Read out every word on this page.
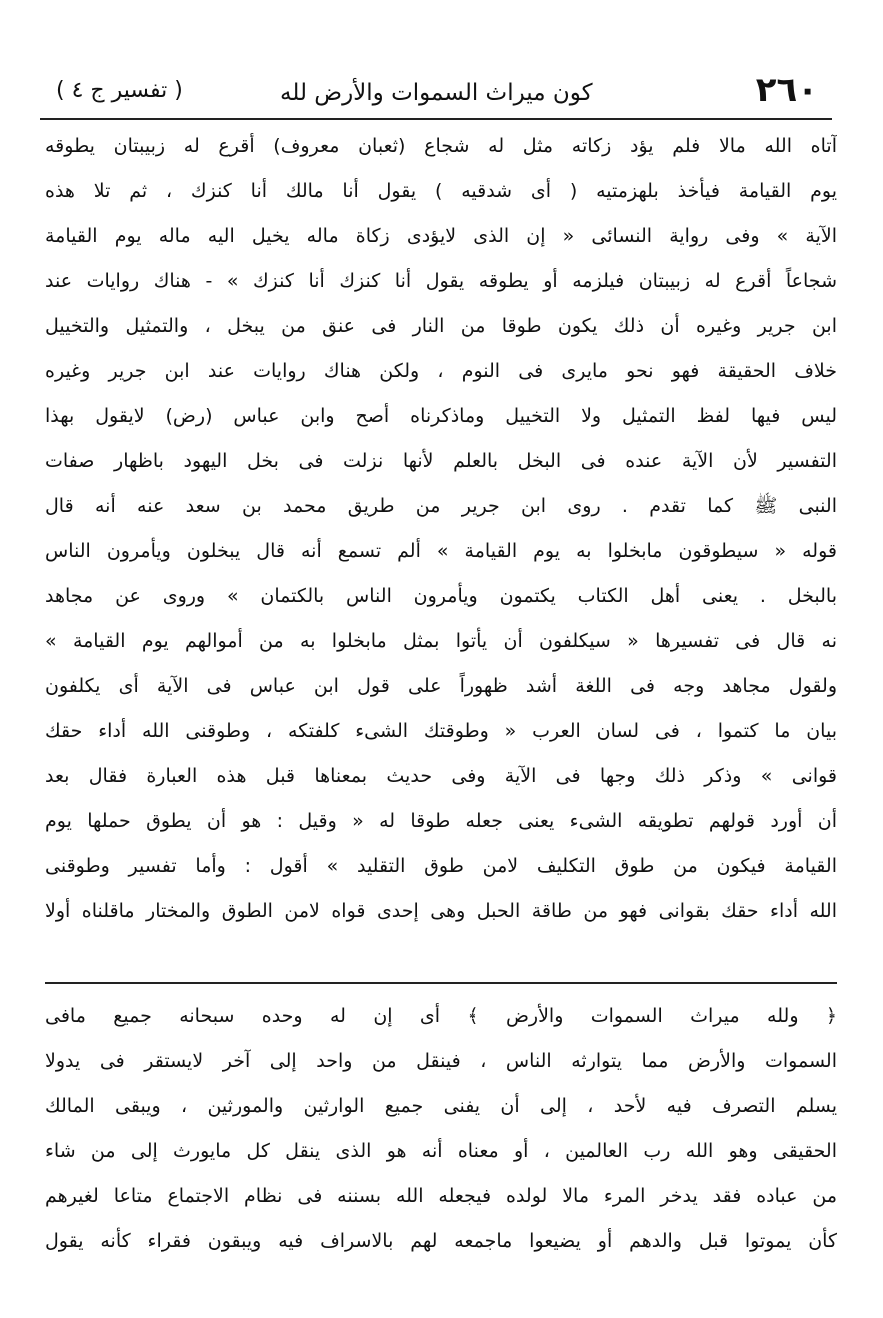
( تفسير ج ٤ )	كون ميراث السموات والأرض لله	٢٦٠
آتاه الله مالا فلم يؤد زكاته مثل له شجاع (ثعبان معروف) أقرع له زبيبتان يطوقه
يوم القيامة فيأخذ بلهزمتيه ( أى شدقيه ) يقول أنا مالك أنا كنزك ، ثم تلا هذه
الآية » وفى رواية النسائى « إن الذى لايؤدى زكاة ماله يخيل اليه ماله يوم القيامة
شجاعاً أقرع له زبيبتان فيلزمه أو يطوقه يقول أنا كنزك أنا كنزك » - هناك روايات عند
ابن جرير وغيره أن ذلك يكون طوقا من النار فى عنق من يبخل ، والتمثيل والتخييل
خلاف الحقيقة فهو نحو مايرى فى النوم ، ولكن هناك روايات عند ابن جرير وغيره
ليس فيها لفظ التمثيل ولا التخييل وماذكرناه أصح وابن عباس (رض) لايقول بهذا
التفسير لأن الآية عنده فى البخل بالعلم لأنها نزلت فى بخل اليهود باظهار صفات
النبى ﷺ كما تقدم . روى ابن جرير من طريق محمد بن سعد عنه أنه قال
قوله « سيطوقون مابخلوا به يوم القيامة » ألم تسمع أنه قال يبخلون ويأمرون الناس
بالبخل . يعنى أهل الكتاب يكتمون ويأمرون الناس بالكتمان » وروى عن مجاهد
نه قال فى تفسيرها « سيكلفون أن يأتوا بمثل مابخلوا به من أموالهم يوم القيامة »
ولقول مجاهد وجه فى اللغة أشد ظهوراً على قول ابن عباس فى الآية أى يكلفون
بيان ما كتموا ، فى لسان العرب « وطوقتك الشىء كلفتكه ، وطوقنى الله أداء حقك
قوانى » وذكر ذلك وجها فى الآية وفى حديث بمعناها قبل هذه العبارة فقال بعد
أن أورد قولهم تطويقه الشىء يعنى جعله طوقا له « وقيل : هو أن يطوق حملها يوم
القيامة فيكون من طوق التكليف لامن طوق التقليد » أقول : وأما تفسير وطوقنى
الله أداء حقك بقوانى فهو من طاقة الحبل وهى إحدى قواه لامن الطوق والمختار ماقلناه أولا
﴿ ولله ميراث السموات والأرض ﴾ أى إن له وحده سبحانه جميع مافى
السموات والأرض مما يتوارثه الناس ، فينقل من واحد إلى آخر لايستقر فى يدولا
يسلم التصرف فيه لأحد ، إلى أن يفنى جميع الوارثين والمورثين ، ويبقى المالك
الحقيقى وهو الله رب العالمين ، أو معناه أنه هو الذى ينقل كل مايورث إلى من شاء
من عباده فقد يدخر المرء مالا لولده فيجعله الله بسننه فى نظام الاجتماع متاعا لغيرهم
كأن يموتوا قبل والدهم أو يضيعوا ماجمعه لهم بالاسراف فيه ويبقون فقراء كأنه يقول
